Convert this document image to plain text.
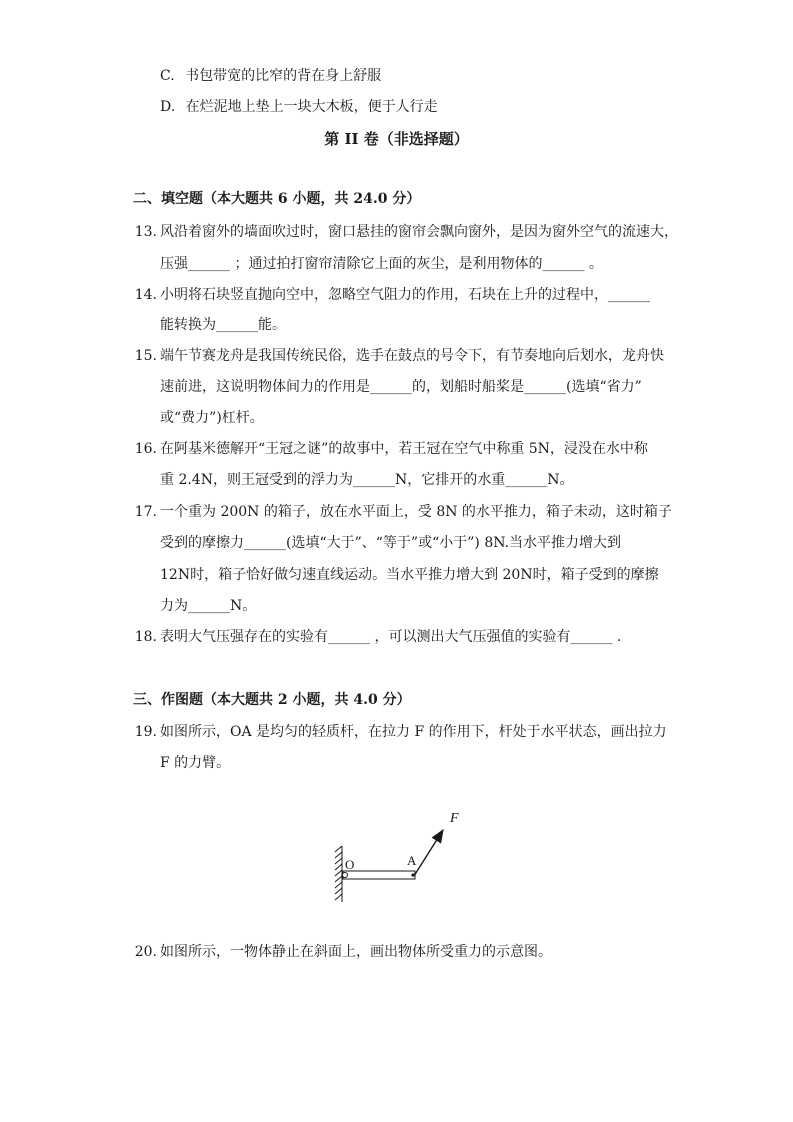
C. 书包带宽的比窄的背在身上舒服
D. 在烂泥地上垫上一块大木板，便于人行走
第 II 卷（非选择题）
二、填空题（本大题共 6 小题，共 24.0 分）
13. 风沿着窗外的墙面吹过时，窗口悬挂的窗帘会飘向窗外，是因为窗外空气的流速大，
压强______ ；通过拍打窗帘清除它上面的灰尘，是利用物体的______ 。
14. 小明将石块竖直抛向空中，忽略空气阻力的作用，石块在上升的过程中，______
能转换为______能。
15. 端午节赛龙舟是我国传统民俗，选手在鼓点的号令下，有节奏地向后划水，龙舟快
速前进，这说明物体间力的作用是______的，划船时船桨是______(选填“省力”
或“费力”)杠杆。
16. 在阿基米德解开“王冠之谜”的故事中，若王冠在空气中称重 5N，浸没在水中称
重 2.4N，则王冠受到的浮力为______N，它排开的水重______N。
17. 一个重为 200N 的箱子，放在水平面上，受 8N 的水平推力，箱子未动，这时箱子
受到的摩擦力______(选填“大于”、“等于”或“小于”) 8N.当水平推力增大到
12N时，箱子恰好做匀速直线运动。当水平推力增大到 20N时，箱子受到的摩擦
力为______N。
18. 表明大气压强存在的实验有______ ，可以测出大气压强值的实验有______ .
三、作图题（本大题共 2 小题，共 4.0 分）
19. 如图所示，OA 是均匀的轻质杆，在拉力 F 的作用下，杆处于水平状态，画出拉力
F 的力臂。
O	A
F
20. 如图所示，一物体静止在斜面上，画出物体所受重力的示意图。
